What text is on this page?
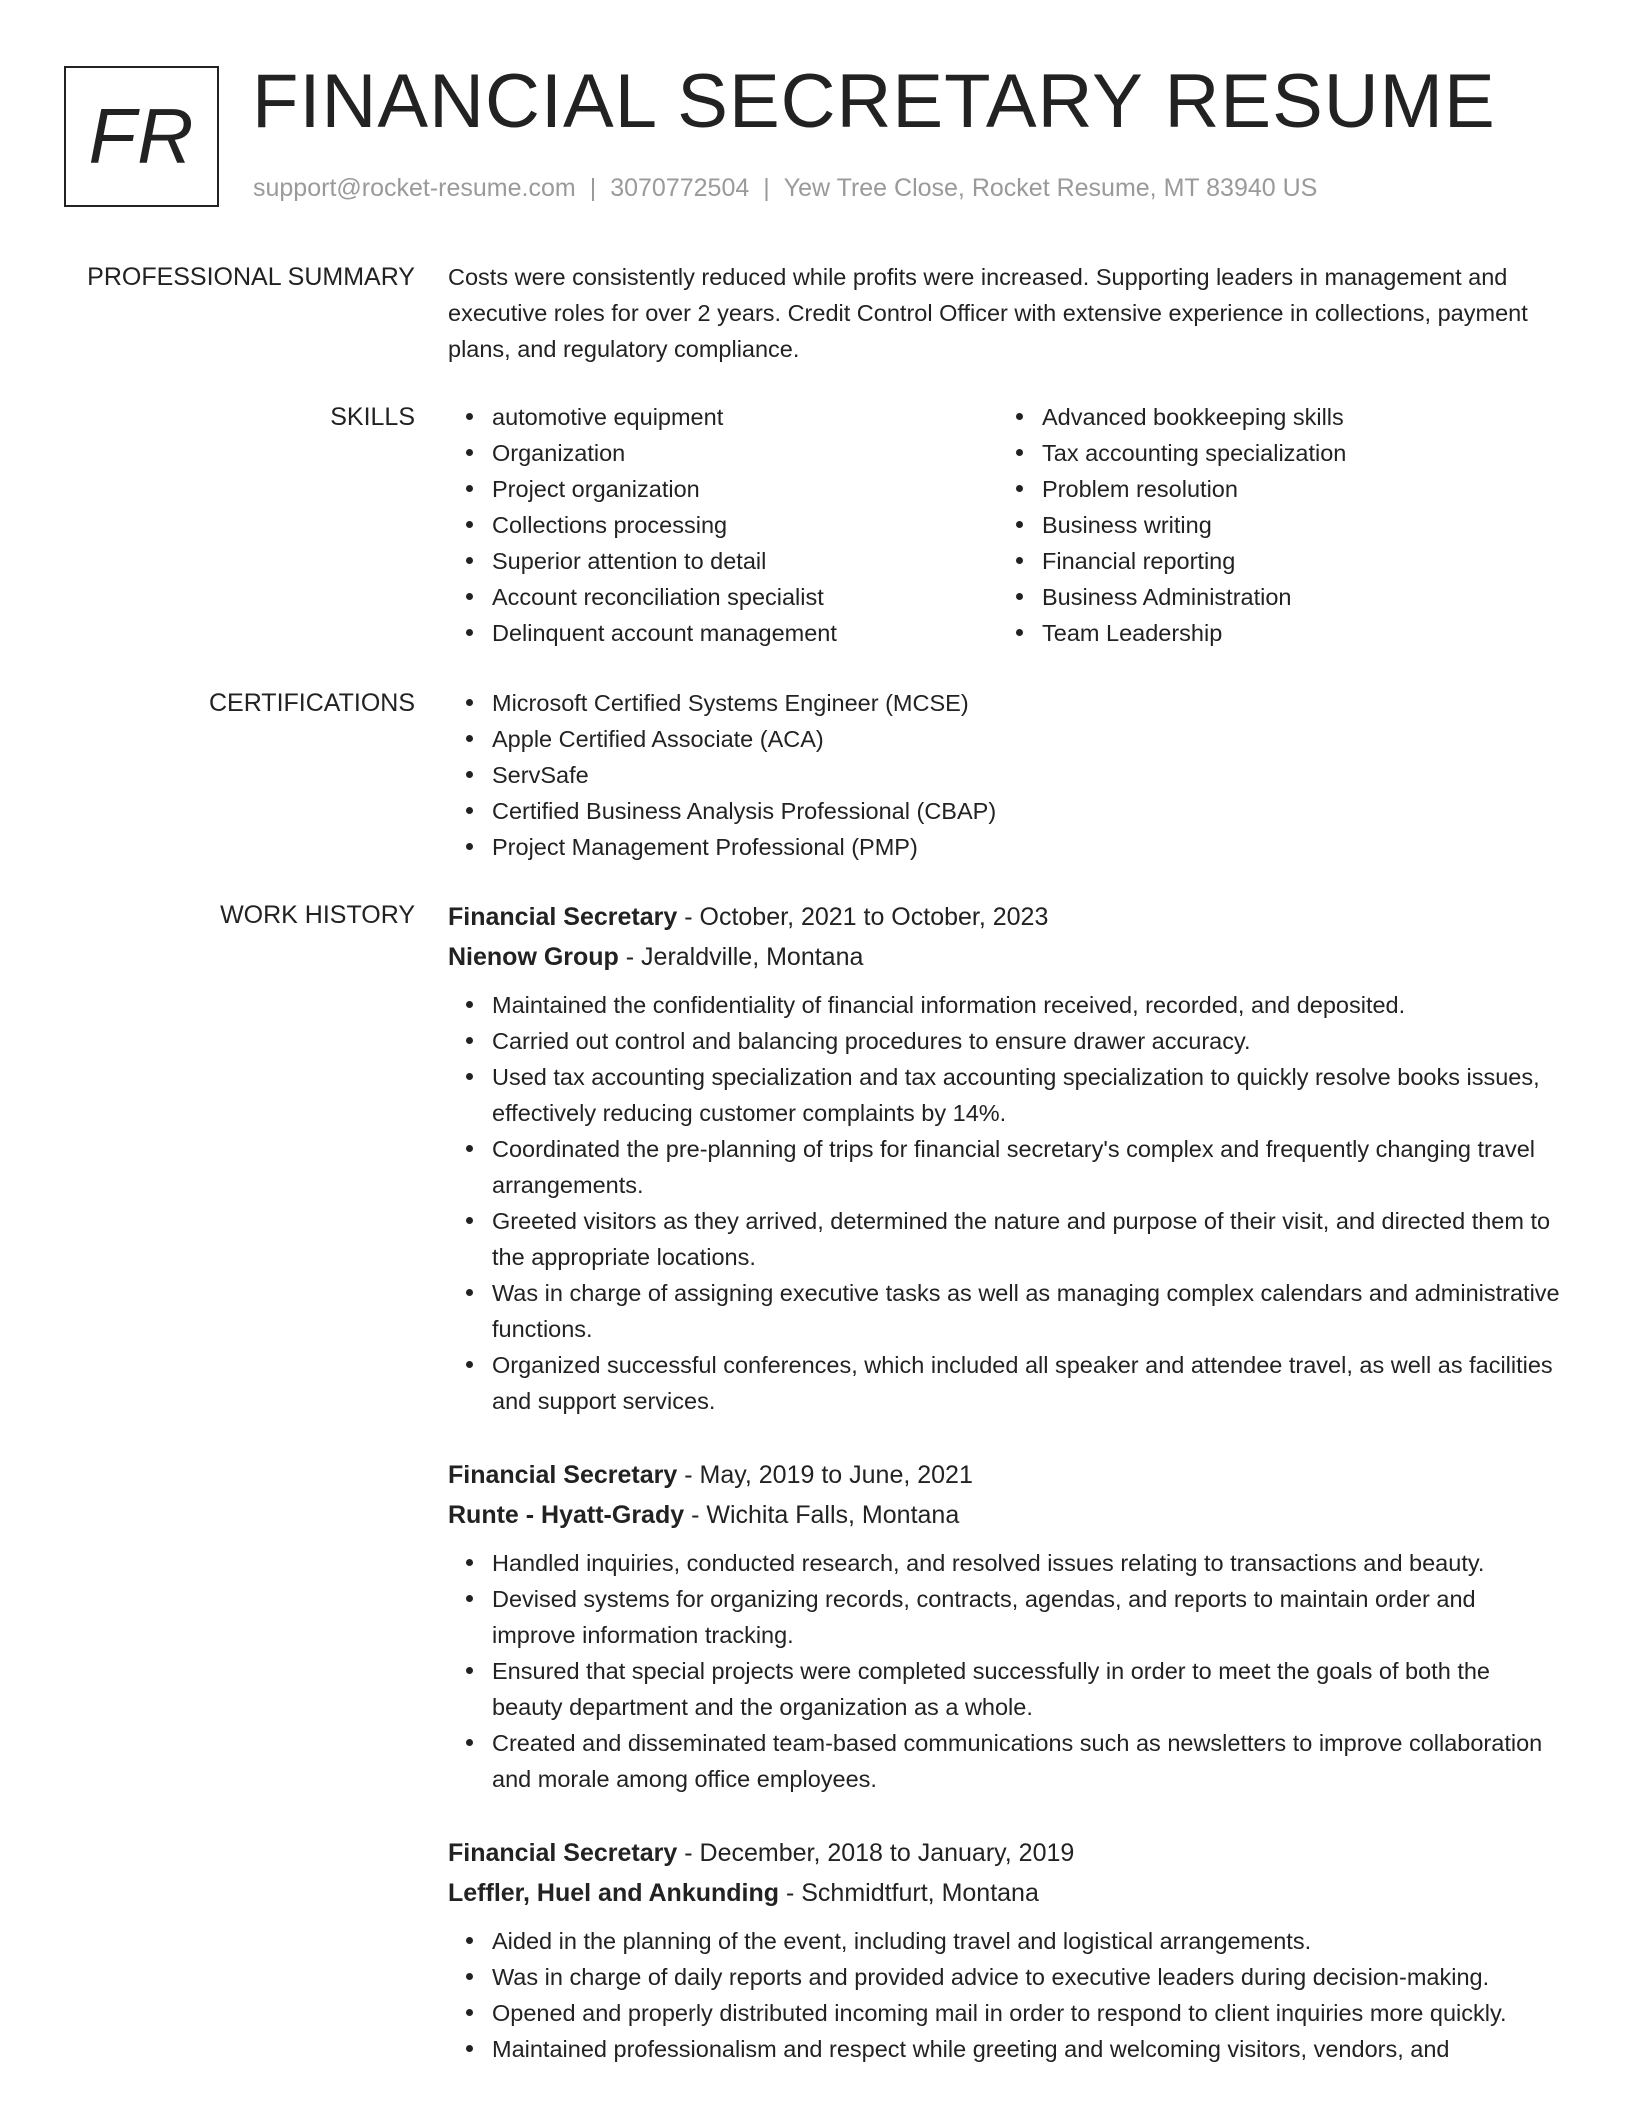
FR FINANCIAL SECRETARY RESUME
support@rocket-resume.com | 3070772504 | Yew Tree Close, Rocket Resume, MT 83940 US
PROFESSIONAL SUMMARY Costs were consistently reduced while profits were increased. Supporting leaders in management and executive roles for over 2 years. Credit Control Officer with extensive experience in collections, payment plans, and regulatory compliance.

SKILLS	automotive equipment
Organization
Project organization
Collections processing
Superior attention to detail
Account reconciliation specialist
Delinquent account management
Advanced bookkeeping skills
Tax accounting specialization
Problem resolution
Business writing
Financial reporting
Business Administration
Team Leadership
CERTIFICATIONS	Microsoft Certified Systems Engineer (MCSE)
Apple Certified Associate (ACA)
ServSafe
Certified Business Analysis Professional (CBAP)
Project Management Professional (PMP)
WORK HISTORY Financial Secretary - October, 2021 to October, 2023
Nienow Group - Jeraldville, Montana
Maintained the confidentiality of financial information received, recorded, and deposited.
Carried out control and balancing procedures to ensure drawer accuracy.
Used tax accounting specialization and tax accounting specialization to quickly resolve books issues, effectively reducing customer complaints by 14%.
Coordinated the pre-planning of trips for financial secretary's complex and frequently changing travel arrangements.
Greeted visitors as they arrived, determined the nature and purpose of their visit, and directed them to the appropriate locations.
Was in charge of assigning executive tasks as well as managing complex calendars and administrative functions.
Organized successful conferences, which included all speaker and attendee travel, as well as facilities and support services.
Financial Secretary - May, 2019 to June, 2021
Runte - Hyatt-Grady - Wichita Falls, Montana
Handled inquiries, conducted research, and resolved issues relating to transactions and beauty.
Devised systems for organizing records, contracts, agendas, and reports to maintain order and improve information tracking.
Ensured that special projects were completed successfully in order to meet the goals of both the beauty department and the organization as a whole.
Created and disseminated team-based communications such as newsletters to improve collaboration and morale among office employees.
Financial Secretary - December, 2018 to January, 2019
Leffler, Huel and Ankunding - Schmidtfurt, Montana
Aided in the planning of the event, including travel and logistical arrangements.
Was in charge of daily reports and provided advice to executive leaders during decision-making.
Opened and properly distributed incoming mail in order to respond to client inquiries more quickly.
Maintained professionalism and respect while greeting and welcoming visitors, vendors, and
